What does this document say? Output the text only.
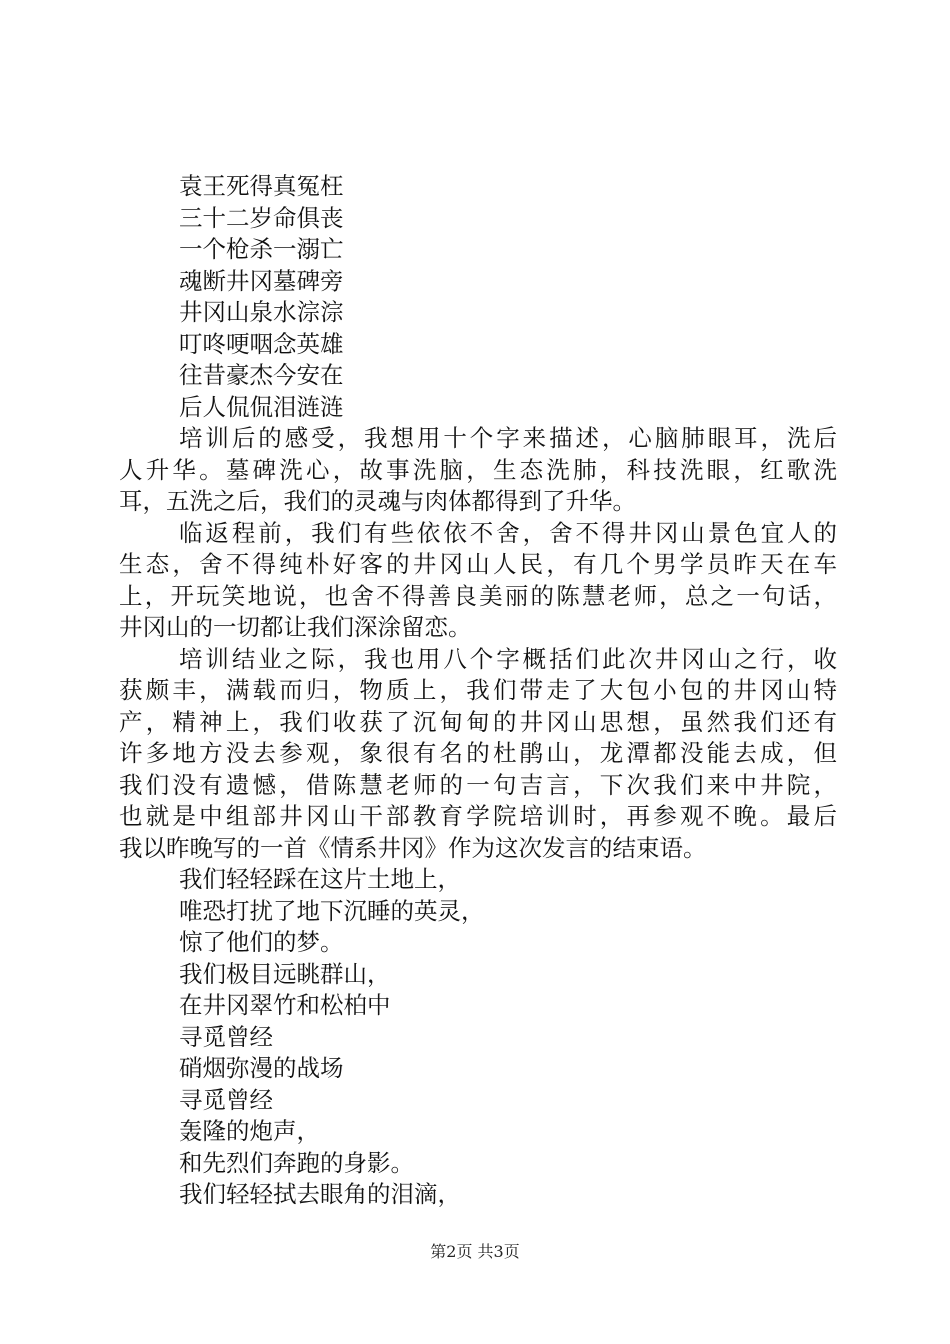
袁王死得真冤枉
三十二岁命俱丧
一个枪杀一溺亡
魂断井冈墓碑旁
井冈山泉水淙淙
叮咚哽咽念英雄
往昔豪杰今安在
后人侃侃泪涟涟
培训后的感受，我想用十个字来描述，心脑肺眼耳，洗后
人升华。墓碑洗心，故事洗脑，生态洗肺，科技洗眼，红歌洗
耳，五洗之后，我们的灵魂与肉体都得到了升华。
临返程前，我们有些依依不舍，舍不得井冈山景色宜人的
生态，舍不得纯朴好客的井冈山人民，有几个男学员昨天在车
上，开玩笑地说，也舍不得善良美丽的陈慧老师，总之一句话，
井冈山的一切都让我们深涂留恋。
培训结业之际，我也用八个字概括们此次井冈山之行，收
获颇丰，满载而归，物质上，我们带走了大包小包的井冈山特
产，精神上，我们收获了沉甸甸的井冈山思想，虽然我们还有
许多地方没去参观，象很有名的杜鹃山，龙潭都没能去成，但
我们没有遗憾，借陈慧老师的一句吉言，下次我们来中井院，
也就是中组部井冈山干部教育学院培训时，再参观不晚。最后
我以昨晚写的一首《情系井冈》作为这次发言的结束语。
我们轻轻踩在这片土地上，
唯恐打扰了地下沉睡的英灵，
惊了他们的梦。
我们极目远眺群山，
在井冈翠竹和松柏中
寻觅曾经
硝烟弥漫的战场
寻觅曾经
轰隆的炮声，
和先烈们奔跑的身影。
我们轻轻拭去眼角的泪滴，
第2页 共3页
